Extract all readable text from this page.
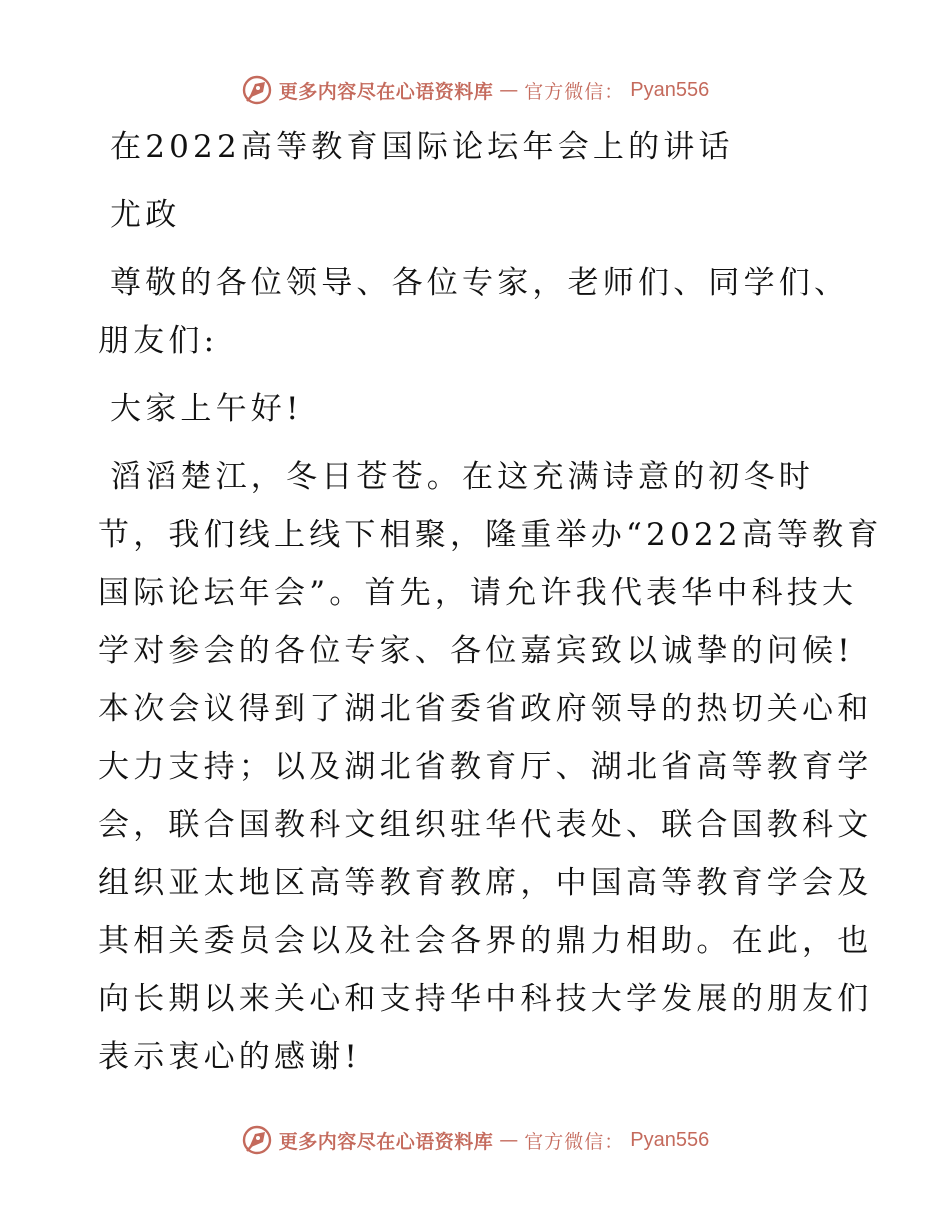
更多内容尽在心语资料库 — 官方微信： Pyan556

在2022高等教育国际论坛年会上的讲话

尤政

尊敬的各位领导、各位专家，老师们、同学们、

朋友们:

大家上午好!

滔滔楚江，冬日苍苍。在这充满诗意的初冬时

节，我们线上线下相聚，隆重举办“2022高等教育

国际论坛年会”。首先，请允许我代表华中科技大

学对参会的各位专家、各位嘉宾致以诚挚的问候!

本次会议得到了湖北省委省政府领导的热切关心和

大力支持；以及湖北省教育厅、湖北省高等教育学

会，联合国教科文组织驻华代表处、联合国教科文

组织亚太地区高等教育教席，中国高等教育学会及

其相关委员会以及社会各界的鼎力相助。在此，也

向长期以来关心和支持华中科技大学发展的朋友们

表示衷心的感谢!

更多内容尽在心语资料库 — 官方微信： Pyan556
